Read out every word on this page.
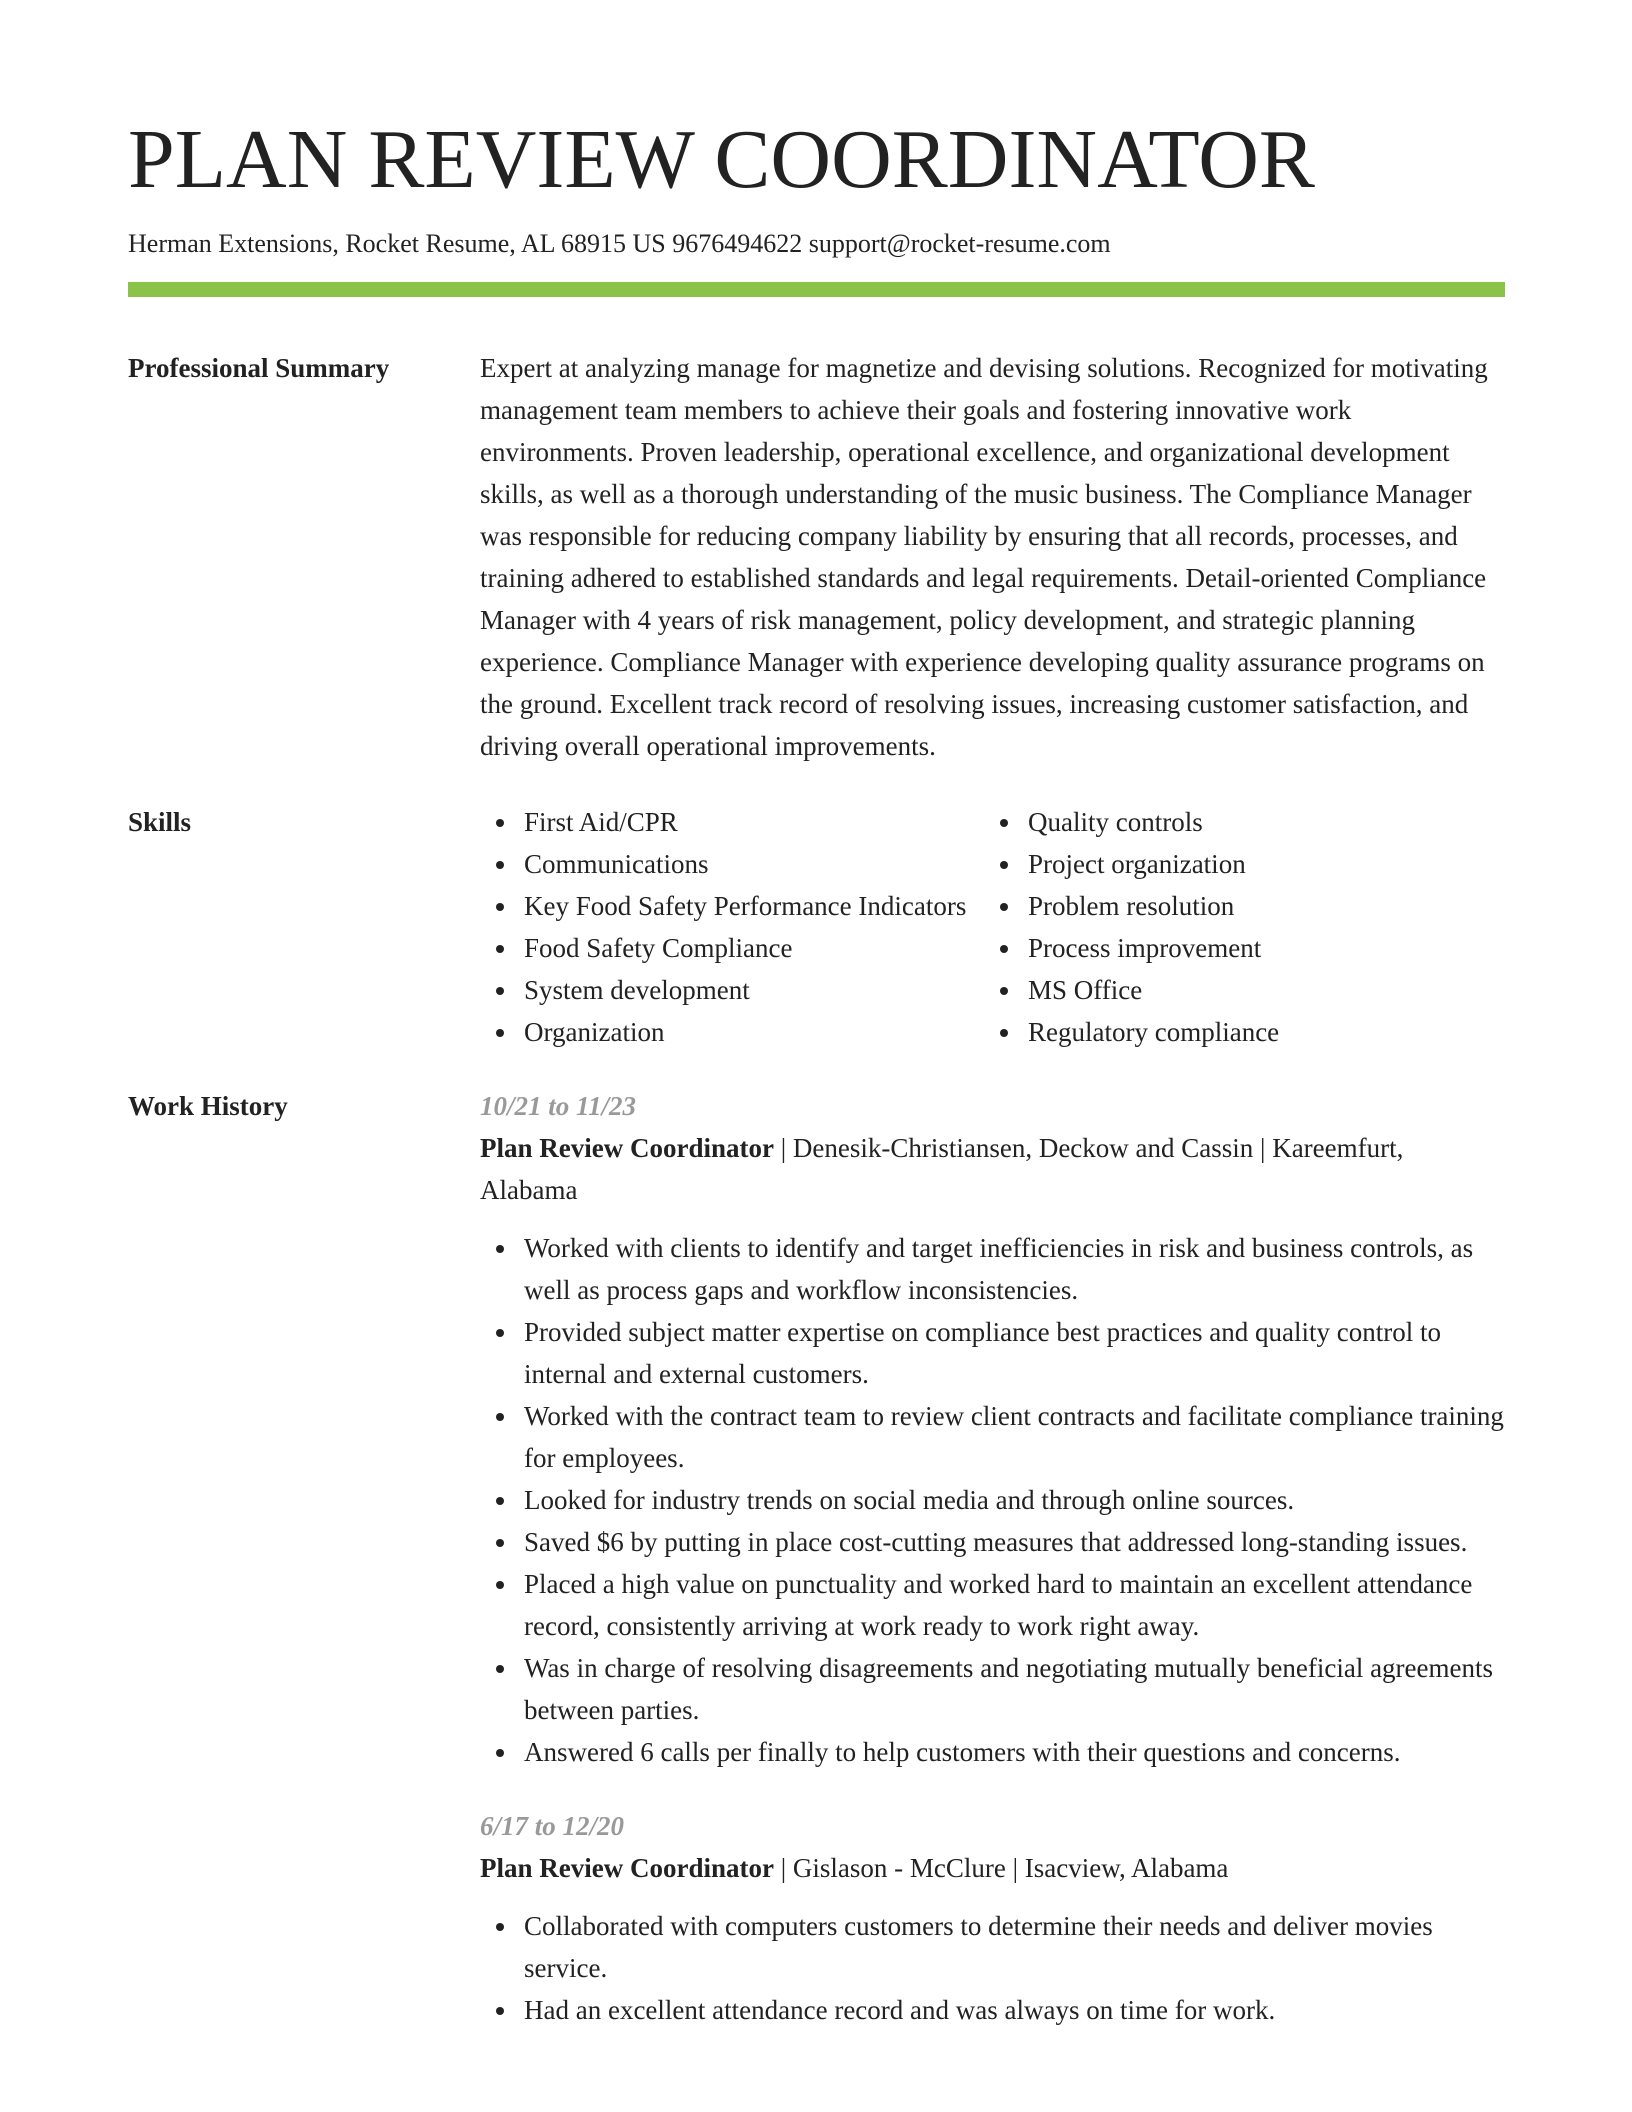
PLAN REVIEW COORDINATOR
Herman Extensions, Rocket Resume, AL 68915 US 9676494622 support@rocket-resume.com
Professional Summary	Expert at analyzing manage for magnetize and devising solutions. Recognized for motivating management team members to achieve their goals and fostering innovative work environments. Proven leadership, operational excellence, and organizational development skills, as well as a thorough understanding of the music business. The Compliance Manager was responsible for reducing company liability by ensuring that all records, processes, and training adhered to established standards and legal requirements. Detail-oriented Compliance Manager with 4 years of risk management, policy development, and strategic planning experience. Compliance Manager with experience developing quality assurance programs on the ground. Excellent track record of resolving issues, increasing customer satisfaction, and driving overall operational improvements.
Skills	First Aid/CPR
Communications
Key Food Safety Performance Indicators
Food Safety Compliance
System development
Organization
Quality controls
Project organization
Problem resolution
Process improvement
MS Office
Regulatory compliance
Work History	10/21 to 11/23
Plan Review Coordinator | Denesik-Christiansen, Deckow and Cassin | Kareemfurt, Alabama
Worked with clients to identify and target inefficiencies in risk and business controls, as well as process gaps and workflow inconsistencies.
Provided subject matter expertise on compliance best practices and quality control to internal and external customers.
Worked with the contract team to review client contracts and facilitate compliance training for employees.
Looked for industry trends on social media and through online sources.
Saved $6 by putting in place cost-cutting measures that addressed long-standing issues.
Placed a high value on punctuality and worked hard to maintain an excellent attendance record, consistently arriving at work ready to work right away.
Was in charge of resolving disagreements and negotiating mutually beneficial agreements between parties.
Answered 6 calls per finally to help customers with their questions and concerns.
6/17 to 12/20
Plan Review Coordinator | Gislason - McClure | Isacview, Alabama
Collaborated with computers customers to determine their needs and deliver movies service.
Had an excellent attendance record and was always on time for work.
